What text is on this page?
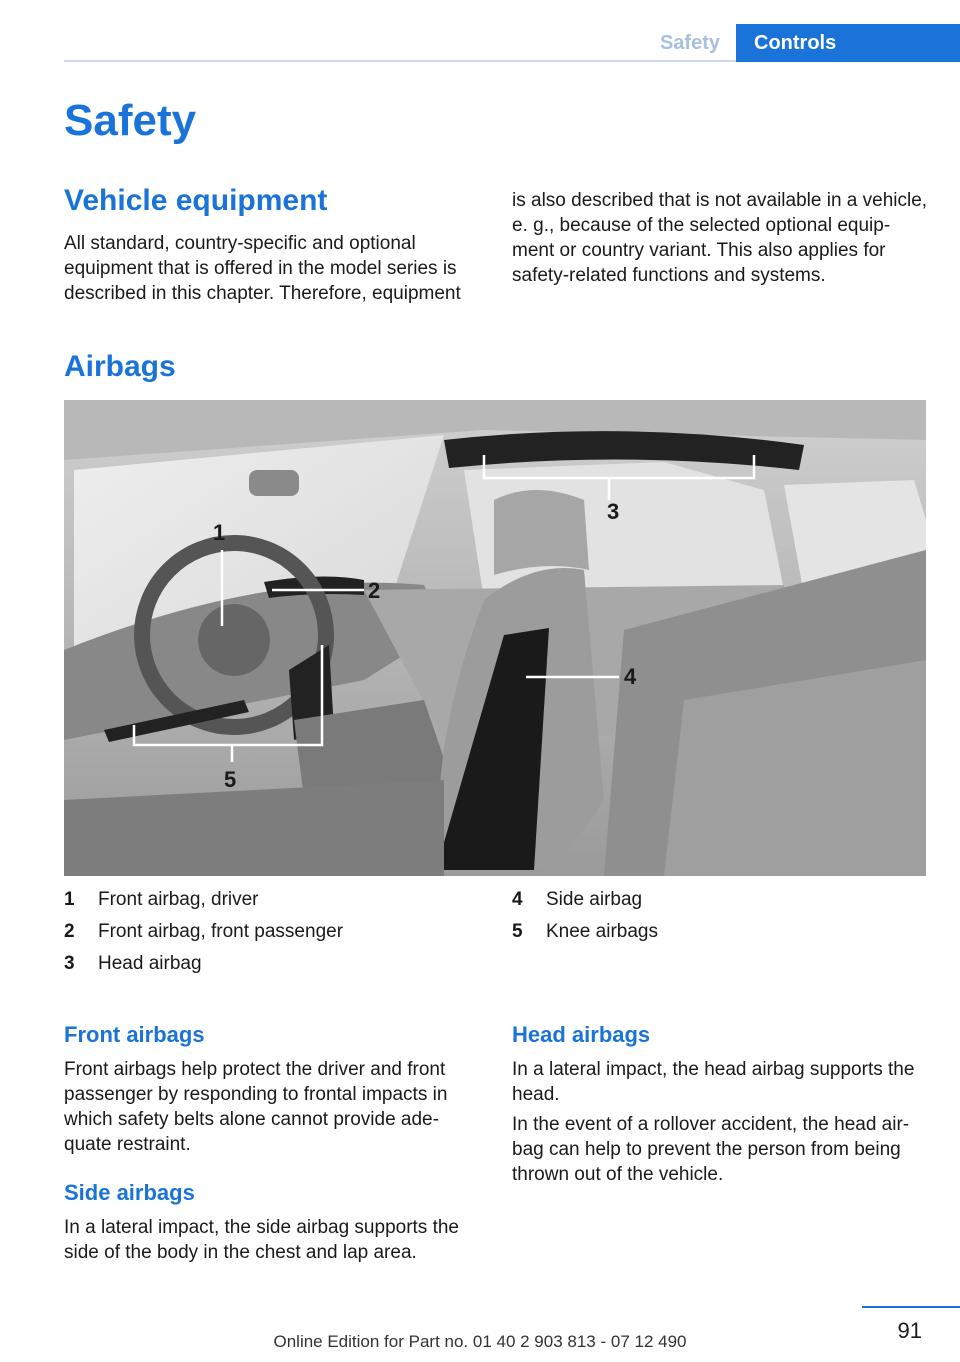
Safety	Controls
Safety
Vehicle equipment

All standard, country-specific and optional
equipment that is offered in the model series is
described in this chapter. Therefore, equipment

is also described that is not available in a vehicle,
e. g., because of the selected optional equip-
ment or country variant. This also applies for
safety-related functions and systems.

Airbags
1
2
3
4
5
1	Front airbag, driver
2	Front airbag, front passenger
3	Head airbag
4	Side airbag
5	Knee airbags
Front airbags

Front airbags help protect the driver and front
passenger by responding to frontal impacts in
which safety belts alone cannot provide ade-
quate restraint.

Side airbags

In a lateral impact, the side airbag supports the
side of the body in the chest and lap area.

Head airbags

In a lateral impact, the head airbag supports the
head.

In the event of a rollover accident, the head air-
bag can help to prevent the person from being
thrown out of the vehicle.

91
Online Edition for Part no. 01 40 2 903 813 - 07 12 490
